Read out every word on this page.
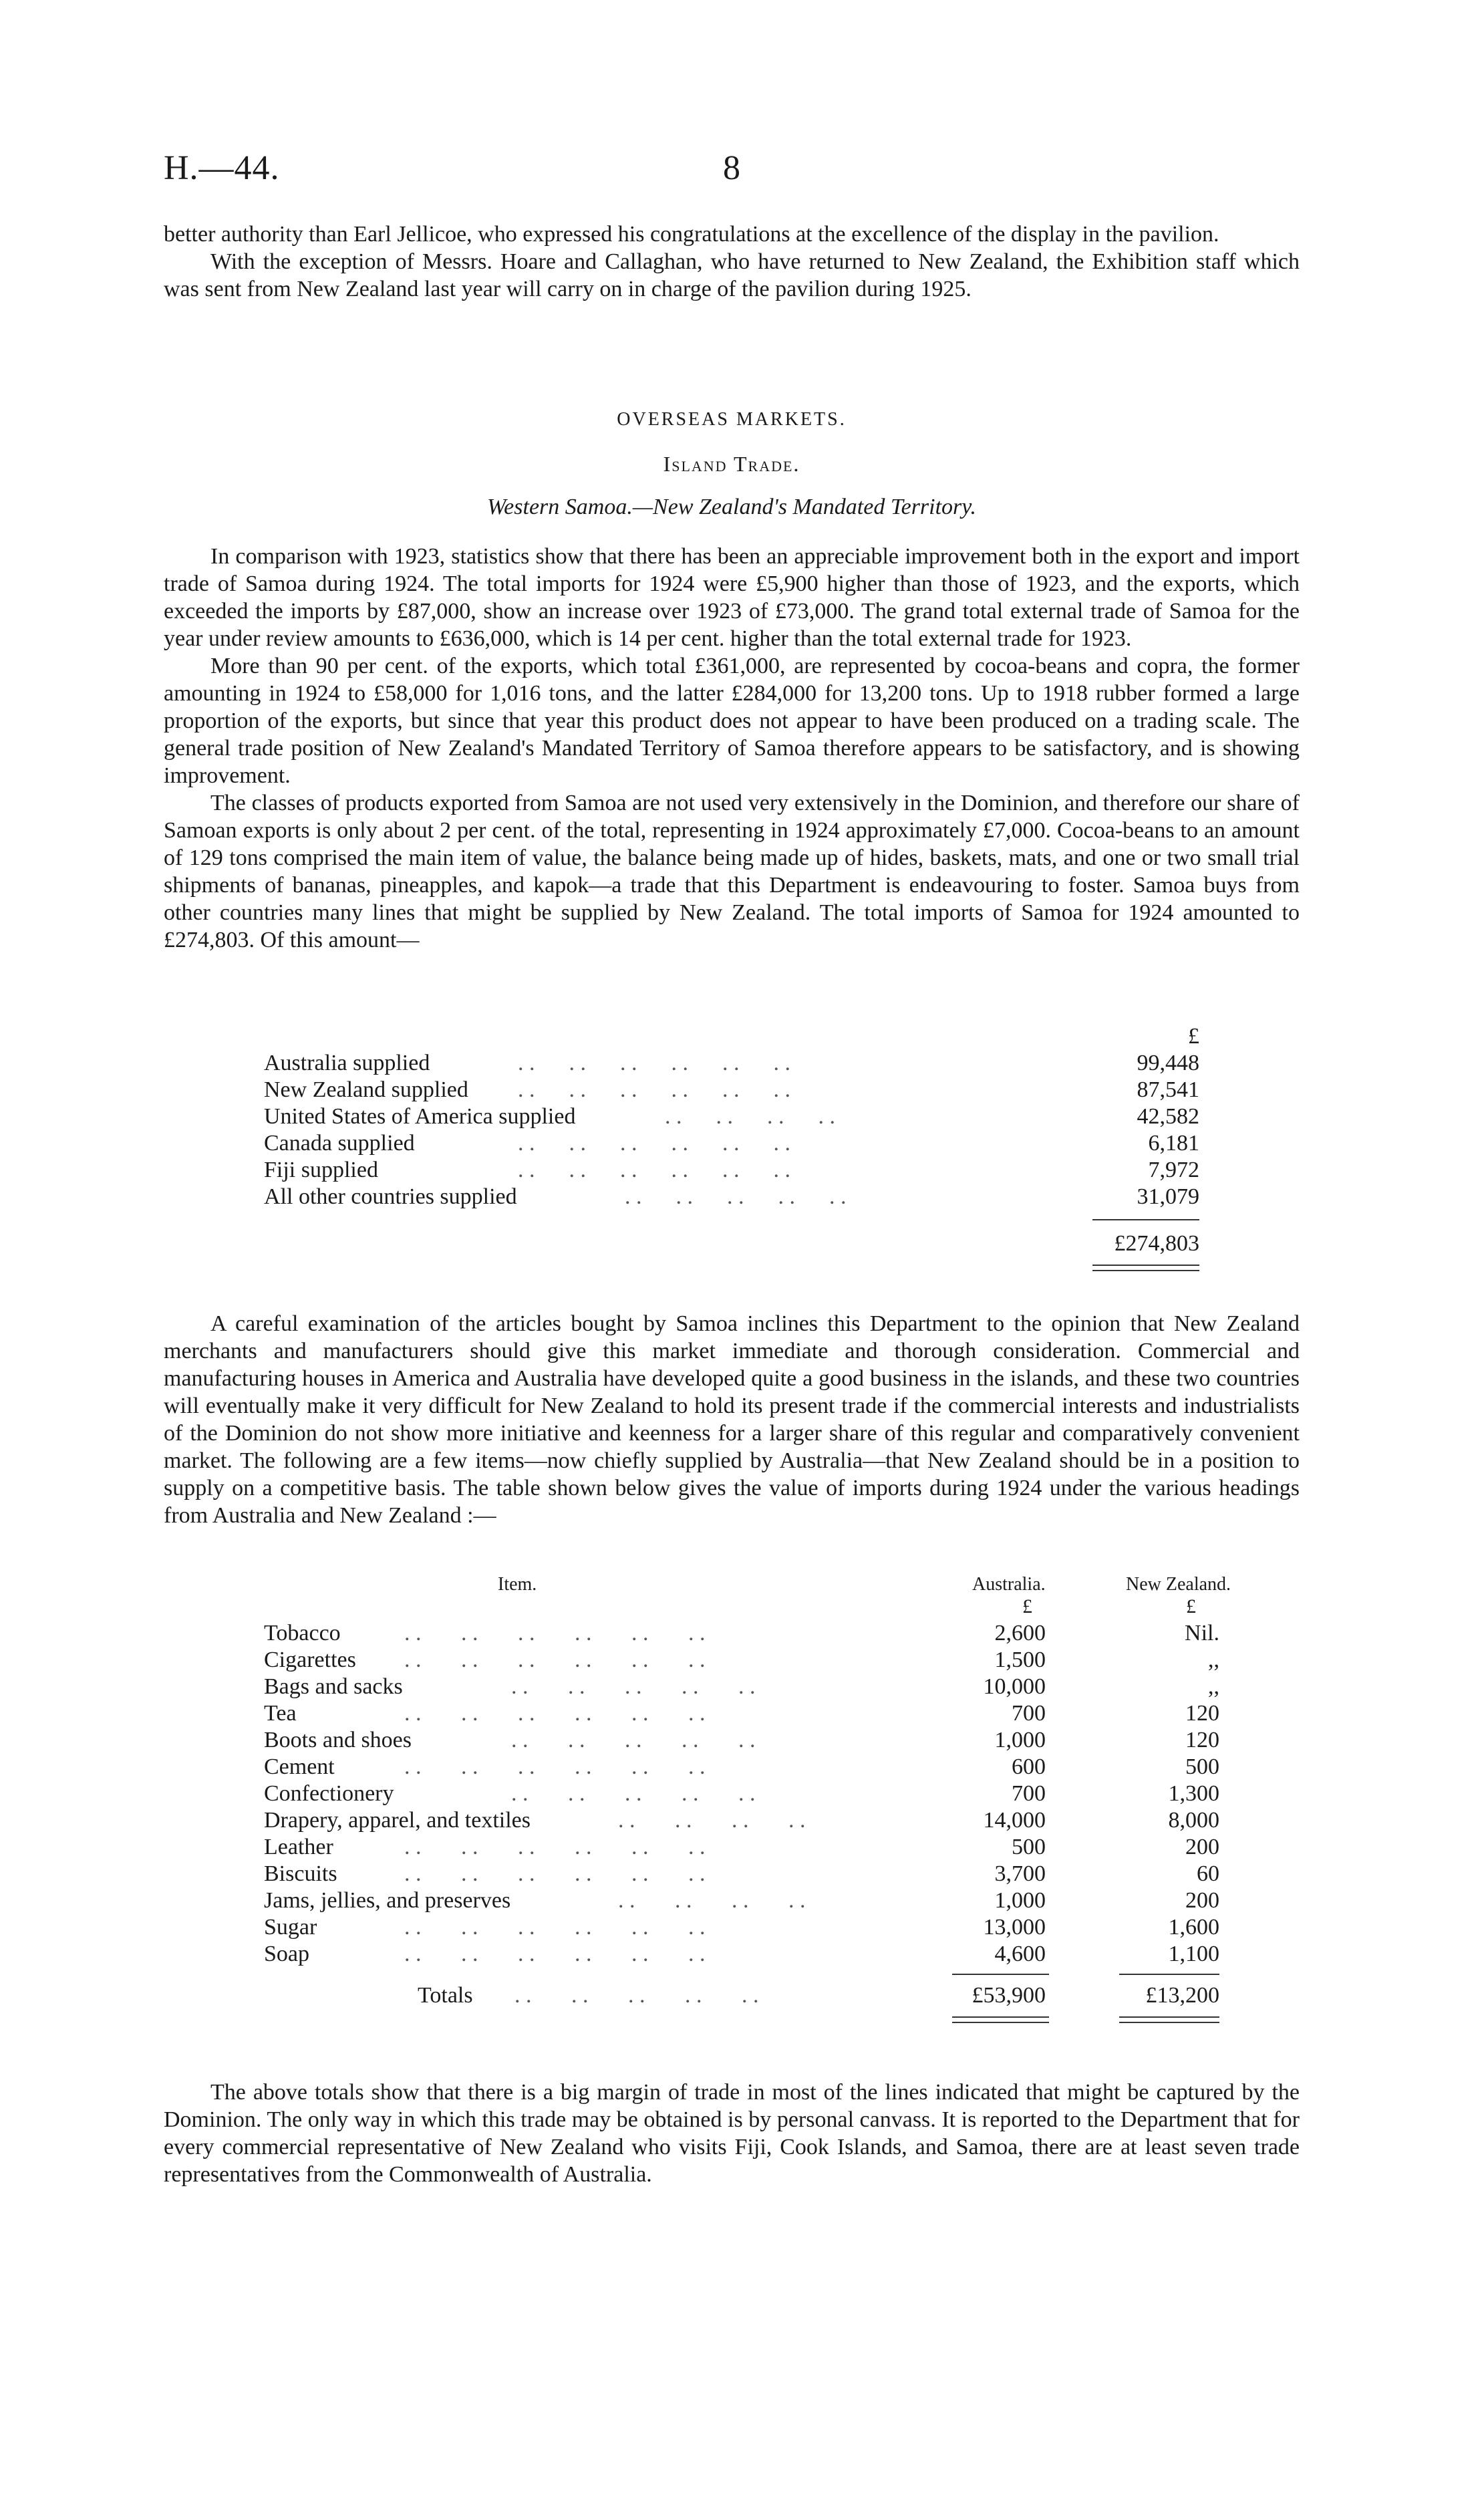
H.—44.	8

better authority than Earl Jellicoe, who expressed his congratulations at the excellence of the display in the pavilion.

With the exception of Messrs. Hoare and Callaghan, who have returned to New Zealand, the Exhibition staff which was sent from New Zealand last year will carry on in charge of the pavilion during 1925.

OVERSEAS MARKETS.
Island Trade.
Western Samoa.—New Zealand's Mandated Territory.

In comparison with 1923, statistics show that there has been an appreciable improvement both in the export and import trade of Samoa during 1924. The total imports for 1924 were £5,900 higher than those of 1923, and the exports, which exceeded the imports by £87,000, show an increase over 1923 of £73,000. The grand total external trade of Samoa for the year under review amounts to £636,000, which is 14 per cent. higher than the total external trade for 1923.

More than 90 per cent. of the exports, which total £361,000, are represented by cocoa-beans and copra, the former amounting in 1924 to £58,000 for 1,016 tons, and the latter £284,000 for 13,200 tons. Up to 1918 rubber formed a large proportion of the exports, but since that year this product does not appear to have been produced on a trading scale. The general trade position of New Zealand's Mandated Territory of Samoa therefore appears to be satisfactory, and is showing improvement.

The classes of products exported from Samoa are not used very extensively in the Dominion, and therefore our share of Samoan exports is only about 2 per cent. of the total, representing in 1924 approximately £7,000. Cocoa-beans to an amount of 129 tons comprised the main item of value, the balance being made up of hides, baskets, mats, and one or two small trial shipments of bananas, pineapples, and kapok—a trade that this Department is endeavouring to foster. Samoa buys from other countries many lines that might be supplied by New Zealand. The total imports of Samoa for 1924 amounted to £274,803. Of this amount—

£
Australia supplied	. .      . .      . .      . .      . .      . .	99,448
New Zealand supplied . .      . .      . .      . .      . .      . .	87,541
United States of America supplied	. .      . .      . .      . .	42,582
Canada supplied	. .      . .      . .      . .      . .      . .	6,181
Fiji supplied	. .      . .      . .      . .      . .      . .	7,972
All other countries supplied	. .      . .      . .      . .      . .	31,079
£274,803

A careful examination of the articles bought by Samoa inclines this Department to the opinion that New Zealand merchants and manufacturers should give this market immediate and thorough consideration. Commercial and manufacturing houses in America and Australia have developed quite a good business in the islands, and these two countries will eventually make it very difficult for New Zealand to hold its present trade if the commercial interests and industrialists of the Dominion do not show more initiative and keenness for a larger share of this regular and comparatively convenient market. The following are a few items—now chiefly supplied by Australia—that New Zealand should be in a position to supply on a competitive basis. The table shown below gives the value of imports during 1924 under the various headings from Australia and New Zealand :—

Item.	Australia.	New Zealand.
£	£
Tobacco	. .       . .       . .       . .       . .       . .	2,600	Nil.
Cigarettes . .       . .       . .       . .       . .       . .	1,500	,,
Bags and sacks	. .       . .       . .       . .       . .	10,000	,,
Tea	. .       . .       . .       . .       . .       . .	700	120
Boots and shoes	. .       . .       . .       . .       . .	1,000	120
Cement	. .       . .       . .       . .       . .       . .	600	500
Confectionery	. .       . .       . .       . .       . .	700	1,300
Drapery, apparel, and textiles	. .       . .       . .       . .	14,000	8,000
Leather	. .       . .       . .       . .       . .       . .	500	200
Biscuits	. .       . .       . .       . .       . .       . .	3,700	60
Jams, jellies, and preserves	. .       . .       . .       . .	1,000	200
Sugar	. .       . .       . .       . .       . .       . .	13,000	1,600
Soap	. .       . .       . .       . .       . .       . .	4,600	1,100
Totals . .       . .       . .       . .       . .	£53,900	£13,200

The above totals show that there is a big margin of trade in most of the lines indicated that might be captured by the Dominion. The only way in which this trade may be obtained is by personal canvass. It is reported to the Department that for every commercial representative of New Zealand who visits Fiji, Cook Islands, and Samoa, there are at least seven trade representatives from the Commonwealth of Australia.
